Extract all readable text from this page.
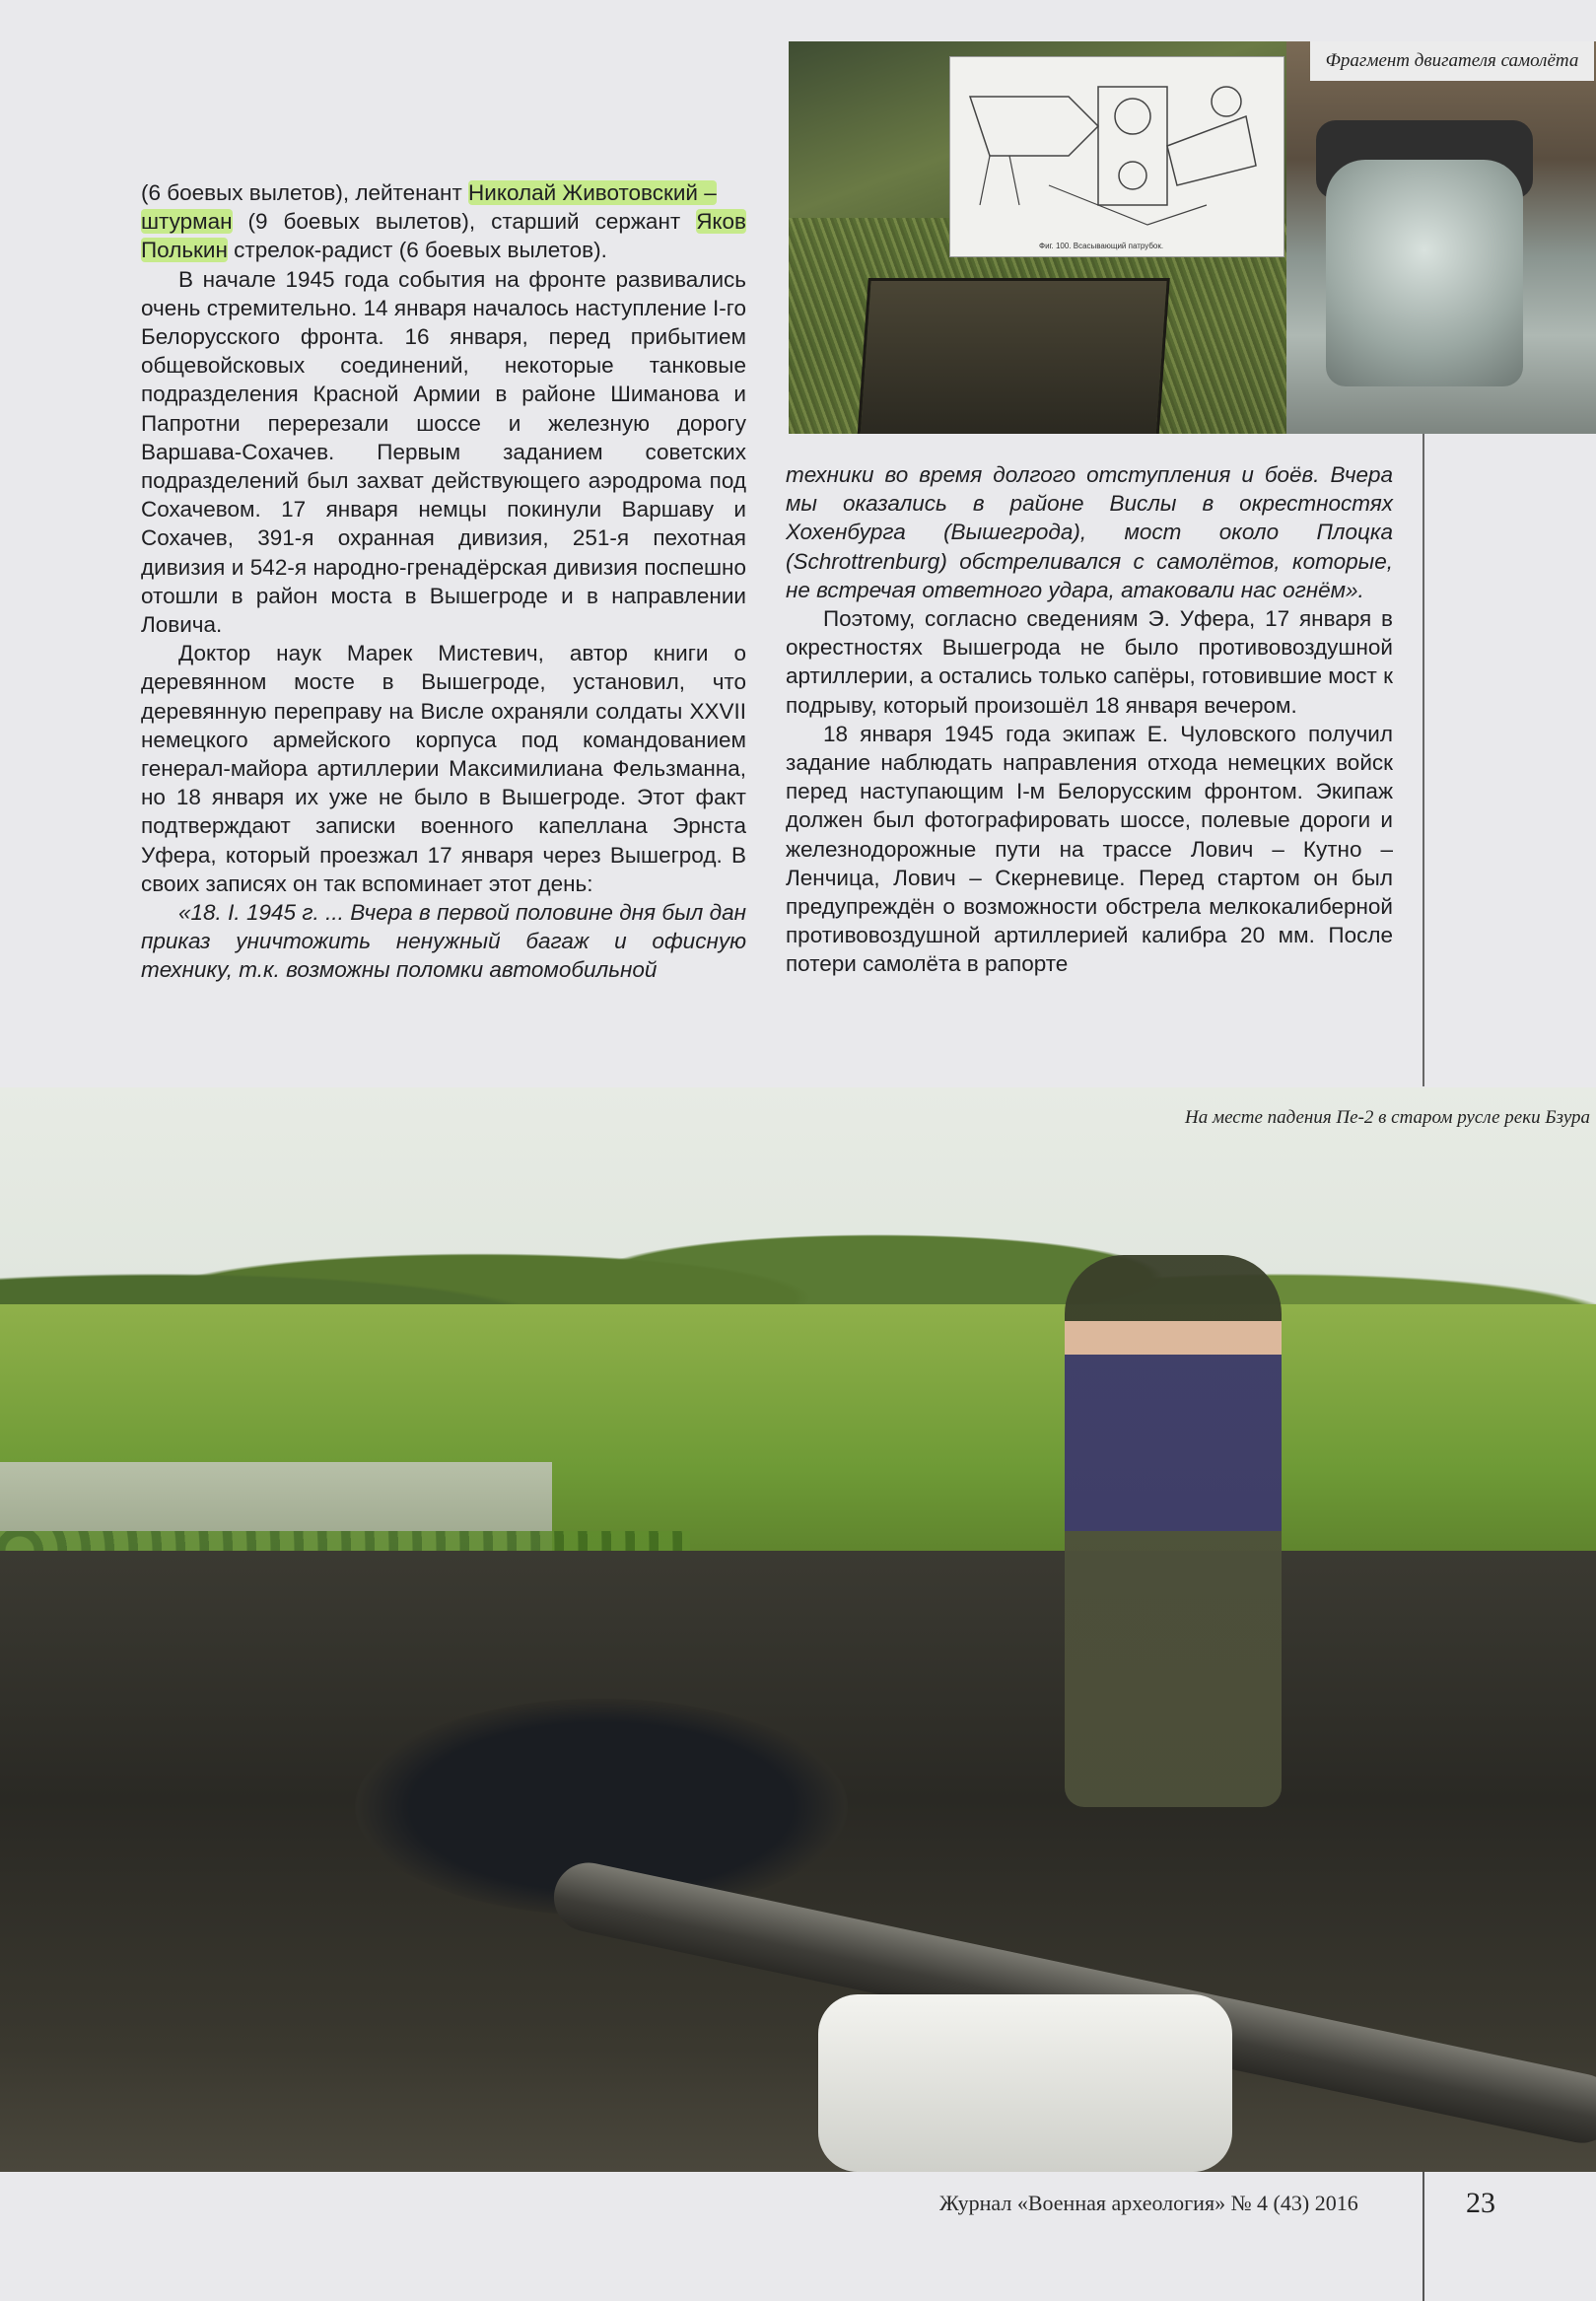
Фиг. 100. Всасывающий патрубок.
Фрагмент двигателя самолёта

(6 боевых вылетов), лейтенант Николай Животовский –
штурман (9 боевых вылетов), старший сержант Яков Полькин стрелок-радист (6 боевых вылетов).

В начале 1945 года события на фронте развивались очень стремительно. 14 января началось наступление I-го Белорусского фронта. 16 января, перед прибытием общевойсковых соединений, некоторые танковые подразделения Красной Армии в районе Шиманова и Папротни перерезали шоссе и железную дорогу Варшава-Сохачев. Первым заданием советских подразделений был захват действующего аэродрома под Сохачевом. 17 января немцы покинули Варшаву и Сохачев, 391-я охранная дивизия, 251-я пехотная дивизия и 542-я народно-гренадёрская дивизия поспешно отошли в район моста в Вышегроде и в направлении Ловича.

Доктор наук Марек Мистевич, автор книги о деревянном мосте в Вышегроде, установил, что деревянную переправу на Висле охраняли солдаты XXVII немецкого армейского корпуса под командованием генерал-майора артиллерии Максимилиана Фельзманна, но 18 января их уже не было в Вышегроде. Этот факт подтверждают записки военного капеллана Эрнста Уфера, который проезжал 17 января через Вышегрод. В своих записях он так вспоминает этот день:

«18. I. 1945 г. ... Вчера в первой половине дня был дан приказ уничтожить ненужный багаж и офисную технику, т.к. возможны поломки автомобильной

техники во время долгого отступления и боёв. Вчера мы оказались в районе Вислы в окрестностях Хохенбурга (Вышегрода), мост около Плоцка (Schrottrenburg) обстреливался с самолётов, которые, не встречая ответного удара, атаковали нас огнём».

Поэтому, согласно сведениям Э. Уфера, 17 января в окрестностях Вышегрода не было противовоздушной артиллерии, а остались только сапёры, готовившие мост к подрыву, который произошёл 18 января вечером.

18 января 1945 года экипаж Е. Чуловского получил задание наблюдать направления отхода немецких войск перед наступающим I-м Белорусским фронтом. Экипаж должен был фотографировать шоссе, полевые дороги и железнодорожные пути на трассе Лович – Кутно – Ленчица, Лович – Скерневице. Перед стартом он был предупреждён о возможности обстрела мелкокалиберной противовоздушной артиллерией калибра 20 мм. После потери самолёта в рапорте

На месте падения Пе-2 в старом русле реки Бзура
Журнал «Военная археология» № 4 (43) 2016	23
